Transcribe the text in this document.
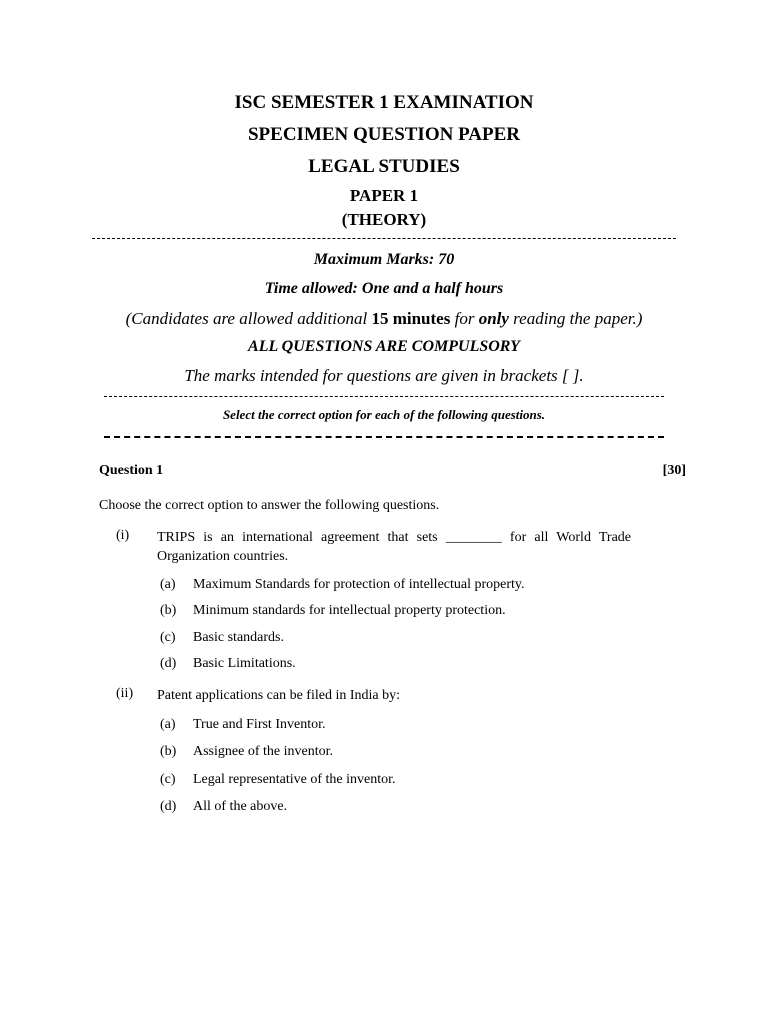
ISC SEMESTER 1 EXAMINATION
SPECIMEN QUESTION PAPER
LEGAL STUDIES
PAPER 1
(THEORY)
Maximum Marks: 70
Time allowed: One and a half hours
(Candidates are allowed additional 15 minutes for only reading the paper.)
ALL QUESTIONS ARE COMPULSORY
The marks intended for questions are given in brackets [ ].
Select the correct option for each of the following questions.
Question 1	[30]
Choose the correct option to answer the following questions.
(i) TRIPS is an international agreement that sets ________ for all World Trade Organization countries.
(a) Maximum Standards for protection of intellectual property.
(b) Minimum standards for intellectual property protection.
(c) Basic standards.
(d) Basic Limitations.
(ii) Patent applications can be filed in India by:
(a) True and First Inventor.
(b) Assignee of the inventor.
(c) Legal representative of the inventor.
(d) All of the above.
